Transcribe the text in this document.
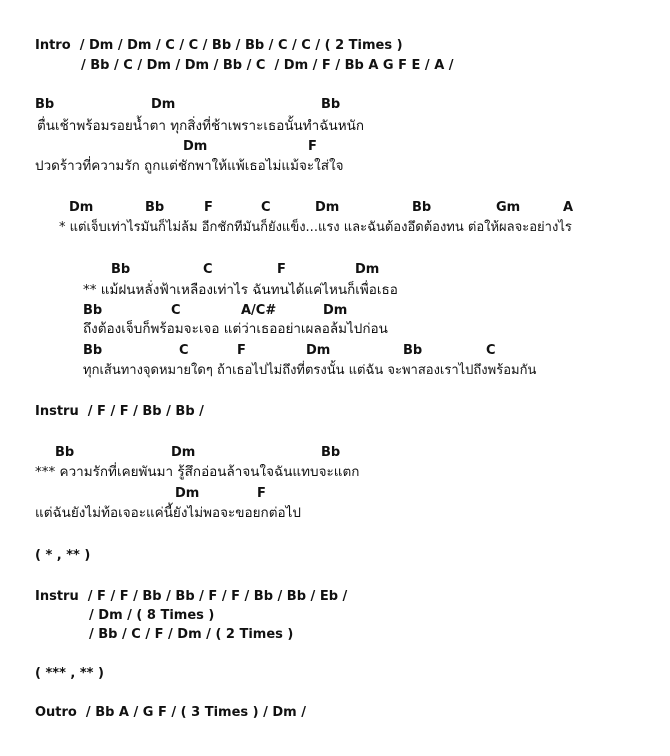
Intro  / Dm / Dm / C / C / Bb / Bb / C / C / ( 2 Times )
/ Bb / C / Dm / Dm / Bb / C  / Dm / F / Bb A G F E / A /
Bb	Dm	Bb
ตื่นเช้าพร้อมรอยน้ำตา ทุกสิ่งที่ช้าเพราะเธอนั้นทำฉันหนัก
Dm	F
ปวดร้าวที่ความรัก ถูกแต่ชักพาให้แพ้เธอไม่แม้จะใส่ใจ
Dm	Bb	F	C	Dm	Bb	Gm	A
* แต่เจ็บเท่าไรมันก็ไม่ล้ม อีกชักทีมันก็ยังแข็ง...แรง และฉันต้องอึดต้องทน ต่อให้ผลจะอย่างไร
Bb	C	F	Dm
** แม้ฝนหลั่งฟ้าเหลืองเท่าไร ฉันทนได้แค่ไหนก็เพื่อเธอ
Bb	C	A/C#	Dm
ถึงต้องเจ็บก็พร้อมจะเจอ แต่ว่าเธออย่าเผลอล้มไปก่อน
Bb	C	F	Dm	Bb	C
ทุกเส้นทางจุดหมายใดๆ ถ้าเธอไปไม่ถึงที่ตรงนั้น แต่ฉัน จะพาสองเราไปถึงพร้อมกัน
Instru  / F / F / Bb / Bb /
Bb	Dm	Bb
*** ความรักที่เคยพันมา รู้สึกอ่อนล้าจนใจฉันแทบจะแตก
Dm	F
แต่ฉันยังไม่ท้อเจอะแค่นี้ยังไม่พอจะขอยกต่อไป
( * , ** )
Instru  / F / F / Bb / Bb / F / F / Bb / Bb / Eb /
/ Dm / ( 8 Times )
/ Bb / C / F / Dm / ( 2 Times )
( *** , ** )
Outro  / Bb A / G F / ( 3 Times ) / Dm /
